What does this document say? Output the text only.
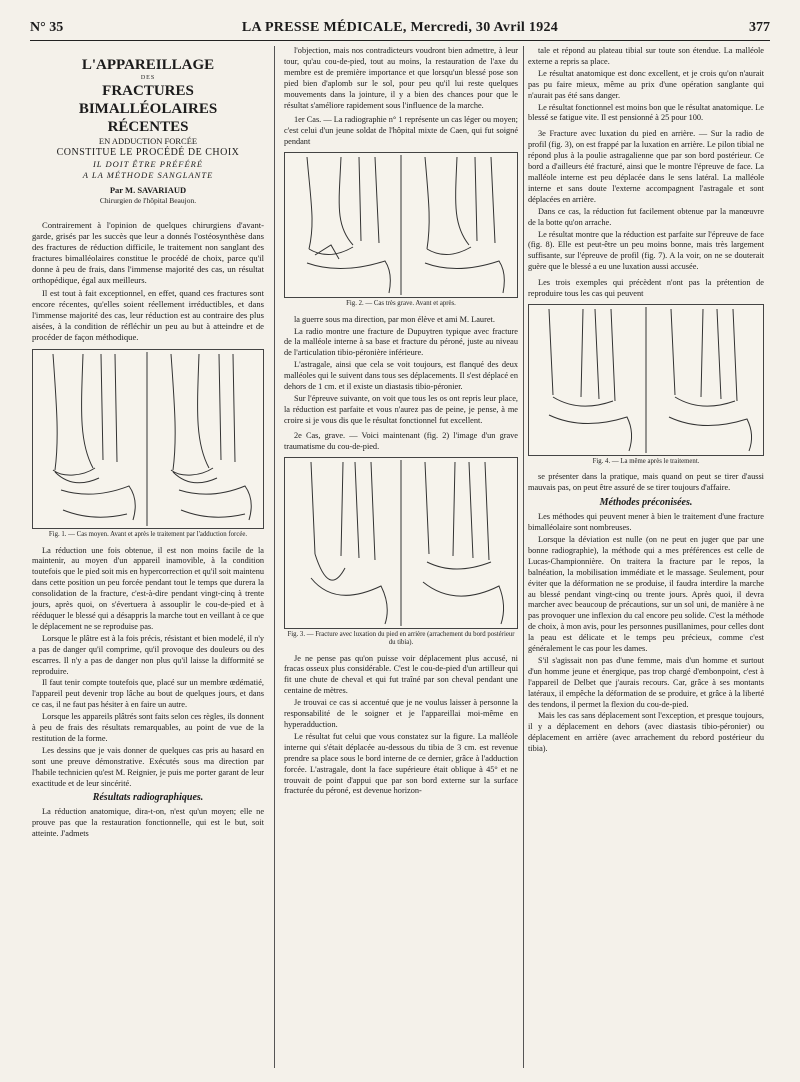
N° 35	LA PRESSE MÉDICALE, Mercredi, 30 Avril 1924	377
L'APPAREILLAGE
DES
FRACTURES BIMALLÉOLAIRES
RÉCENTES
EN ADDUCTION FORCÉE
CONSTITUE LE PROCÉDÉ DE CHOIX
IL DOIT ÊTRE PRÉFÉRÉ
A LA MÉTHODE SANGLANTE
Par M. SAVARIAUD
Chirurgien de l'hôpital Beaujon.

Contrairement à l'opinion de quelques chirurgiens d'avant-garde, grisés par les succès que leur a donnés l'ostéosynthèse dans des fractures de réduction difficile, le traitement non sanglant des fractures bimalléolaires constitue le procédé de choix, parce qu'il donne à peu de frais, dans l'immense majorité des cas, un résultat orthopédique, égal aux meilleurs.

Il est tout à fait exceptionnel, en effet, quand ces fractures sont encore récentes, qu'elles soient réellement irréductibles, et dans l'immense majorité des cas, leur réduction est au contraire des plus aisées, à la condition de réfléchir un peu au but à atteindre et de procéder de façon méthodique.

Fig. 1. — Cas moyen. Avant et après le traitement par l'adduction forcée.

La réduction une fois obtenue, il est non moins facile de la maintenir, au moyen d'un appareil inamovible, à la condition toutefois que le pied soit mis en hypercorrection et qu'il soit maintenu dans cette position un peu forcée pendant tout le temps que durera la consolidation de la fracture, c'est-à-dire pendant vingt-cinq à trente jours, après quoi, on s'évertuera à assouplir le cou-de-pied et à rééduquer le blessé qui a désappris la marche tout en veillant à ce que le déplacement ne se reproduise pas.

Lorsque le plâtre est à la fois précis, résistant et bien modelé, il n'y a pas de danger qu'il comprime, qu'il provoque des douleurs ou des escarres. Il n'y a pas de danger non plus qu'il laisse la difformité se reproduire.

Il faut tenir compte toutefois que, placé sur un membre œdématié, l'appareil peut devenir trop lâche au bout de quelques jours, et dans ce cas, il ne faut pas hésiter à en faire un autre.

Lorsque les appareils plâtrés sont faits selon ces règles, ils donnent à peu de frais des résultats remarquables, au point de vue de la restitution de la forme.

Les dessins que je vais donner de quelques cas pris au hasard en sont une preuve démonstrative. Exécutés sous ma direction par l'habile technicien qu'est M. Reignier, je puis me porter garant de leur exactitude et de leur sincérité.

Résultats radiographiques.

La réduction anatomique, dira-t-on, n'est qu'un moyen; elle ne prouve pas que la restauration fonctionnelle, qui est le but, soit atteinte. J'admets

l'objection, mais nos contradicteurs voudront bien admettre, à leur tour, qu'au cou-de-pied, tout au moins, la restauration de l'axe du membre est de première importance et que lorsqu'un blessé pose son pied bien d'aplomb sur le sol, pour peu qu'il lui reste quelques mouvements dans la jointure, il y a bien des chances pour que le résultat s'améliore rapidement sous l'influence de la marche.

1er Cas. — La radiographie n° 1 représente un cas léger ou moyen; c'est celui d'un jeune soldat de l'hôpital mixte de Caen, qui fut soigné pendant

Fig. 2. — Cas très grave. Avant et après.

la guerre sous ma direction, par mon élève et ami M. Lauret.

La radio montre une fracture de Dupuytren typique avec fracture de la malléole interne à sa base et fracture du péroné, juste au niveau de l'articulation tibio-péronière inférieure.

L'astragale, ainsi que cela se voit toujours, est flanqué des deux malléoles qui le suivent dans tous ses déplacements. Il s'est déplacé en dehors de 1 cm. et il existe un diastasis tibio-péronier.

Sur l'épreuve suivante, on voit que tous les os ont repris leur place, la réduction est parfaite et vous n'aurez pas de peine, je pense, à me croire si je vous dis que le résultat fonctionnel fut excellent.

2e Cas, grave. — Voici maintenant (fig. 2) l'image d'un grave traumatisme du cou-de-pied.

Fig. 3. — Fracture avec luxation du pied en arrière (arrachement du bord postérieur du tibia).

Je ne pense pas qu'on puisse voir déplacement plus accusé, ni fracas osseux plus considérable. C'est le cou-de-pied d'un artilleur qui fit une chute de cheval et qui fut traîné par son cheval pendant une centaine de mètres.

Je trouvai ce cas si accentué que je ne voulus laisser à personne la responsabilité de le soigner et je l'appareillai moi-même en hyperadduction.

Le résultat fut celui que vous constatez sur la figure. La malléole interne qui s'était déplacée au-dessous du tibia de 3 cm. est revenue prendre sa place sous le bord interne de ce dernier, grâce à l'adduction forcée. L'astragale, dont la face supérieure était oblique à 45° et ne trouvait de point d'appui que par son bord externe sur la surface fracturée du péroné, est devenue horizon-

tale et répond au plateau tibial sur toute son étendue. La malléole externe a repris sa place.

Le résultat anatomique est donc excellent, et je crois qu'on n'aurait pas pu faire mieux, même au prix d'une opération sanglante qui n'aurait pas été sans danger.

Le résultat fonctionnel est moins bon que le résultat anatomique. Le blessé se fatigue vite. Il est pensionné à 25 pour 100.

3e Fracture avec luxation du pied en arrière. — Sur la radio de profil (fig. 3), on est frappé par la luxation en arrière. Le pilon tibial ne répond plus à la poulie astragalienne que par son bord postérieur. Ce bord a d'ailleurs été fracturé, ainsi que le montre l'épreuve de face. La malléole interne est peu déplacée dans le sens latéral. La malléole interne et sans doute l'externe accompagnent l'astragale et sont déplacées en arrière.

Dans ce cas, la réduction fut facilement obtenue par la manœuvre de la botte qu'on arrache.

Le résultat montre que la réduction est parfaite sur l'épreuve de face (fig. 8). Elle est peut-être un peu moins bonne, mais très largement suffisante, sur l'épreuve de profil (fig. 7). A la voir, on ne se douterait guère que le blessé a eu une luxation aussi accusée.

Les trois exemples qui précèdent n'ont pas la prétention de reproduire tous les cas qui peuvent

Fig. 4. — La même après le traitement.

se présenter dans la pratique, mais quand on peut se tirer d'aussi mauvais pas, on peut être assuré de se tirer toujours d'affaire.

Méthodes préconisées.

Les méthodes qui peuvent mener à bien le traitement d'une fracture bimalléolaire sont nombreuses.

Lorsque la déviation est nulle (on ne peut en juger que par une bonne radiographie), la méthode qui a mes préférences est celle de Lucas-Championnière. On traitera la fracture par le repos, la balnéation, la mobilisation immédiate et le massage. Seulement, pour éviter que la déformation ne se produise, il faudra interdire la marche au blessé pendant vingt-cinq ou trente jours. Après quoi, il devra marcher avec beaucoup de précautions, sur un sol uni, de manière à ne pas provoquer une inflexion du cal encore peu solide. C'est la méthode de choix, à mon avis, pour les personnes pusillanimes, pour celles dont la peau est délicate et le temps peu précieux, comme c'est généralement le cas pour les dames.

S'il s'agissait non pas d'une femme, mais d'un homme et surtout d'un homme jeune et énergique, pas trop chargé d'embonpoint, c'est à l'appareil de Delbet que j'aurais recours. Car, grâce à ses montants latéraux, il empêche la déformation de se produire, et grâce à la liberté des tendons, il permet la flexion du cou-de-pied.

Mais les cas sans déplacement sont l'exception, et presque toujours, il y a déplacement en dehors (avec diastasis tibio-péronier) ou déplacement en arrière (avec arrachement du rebord postérieur du tibia).
